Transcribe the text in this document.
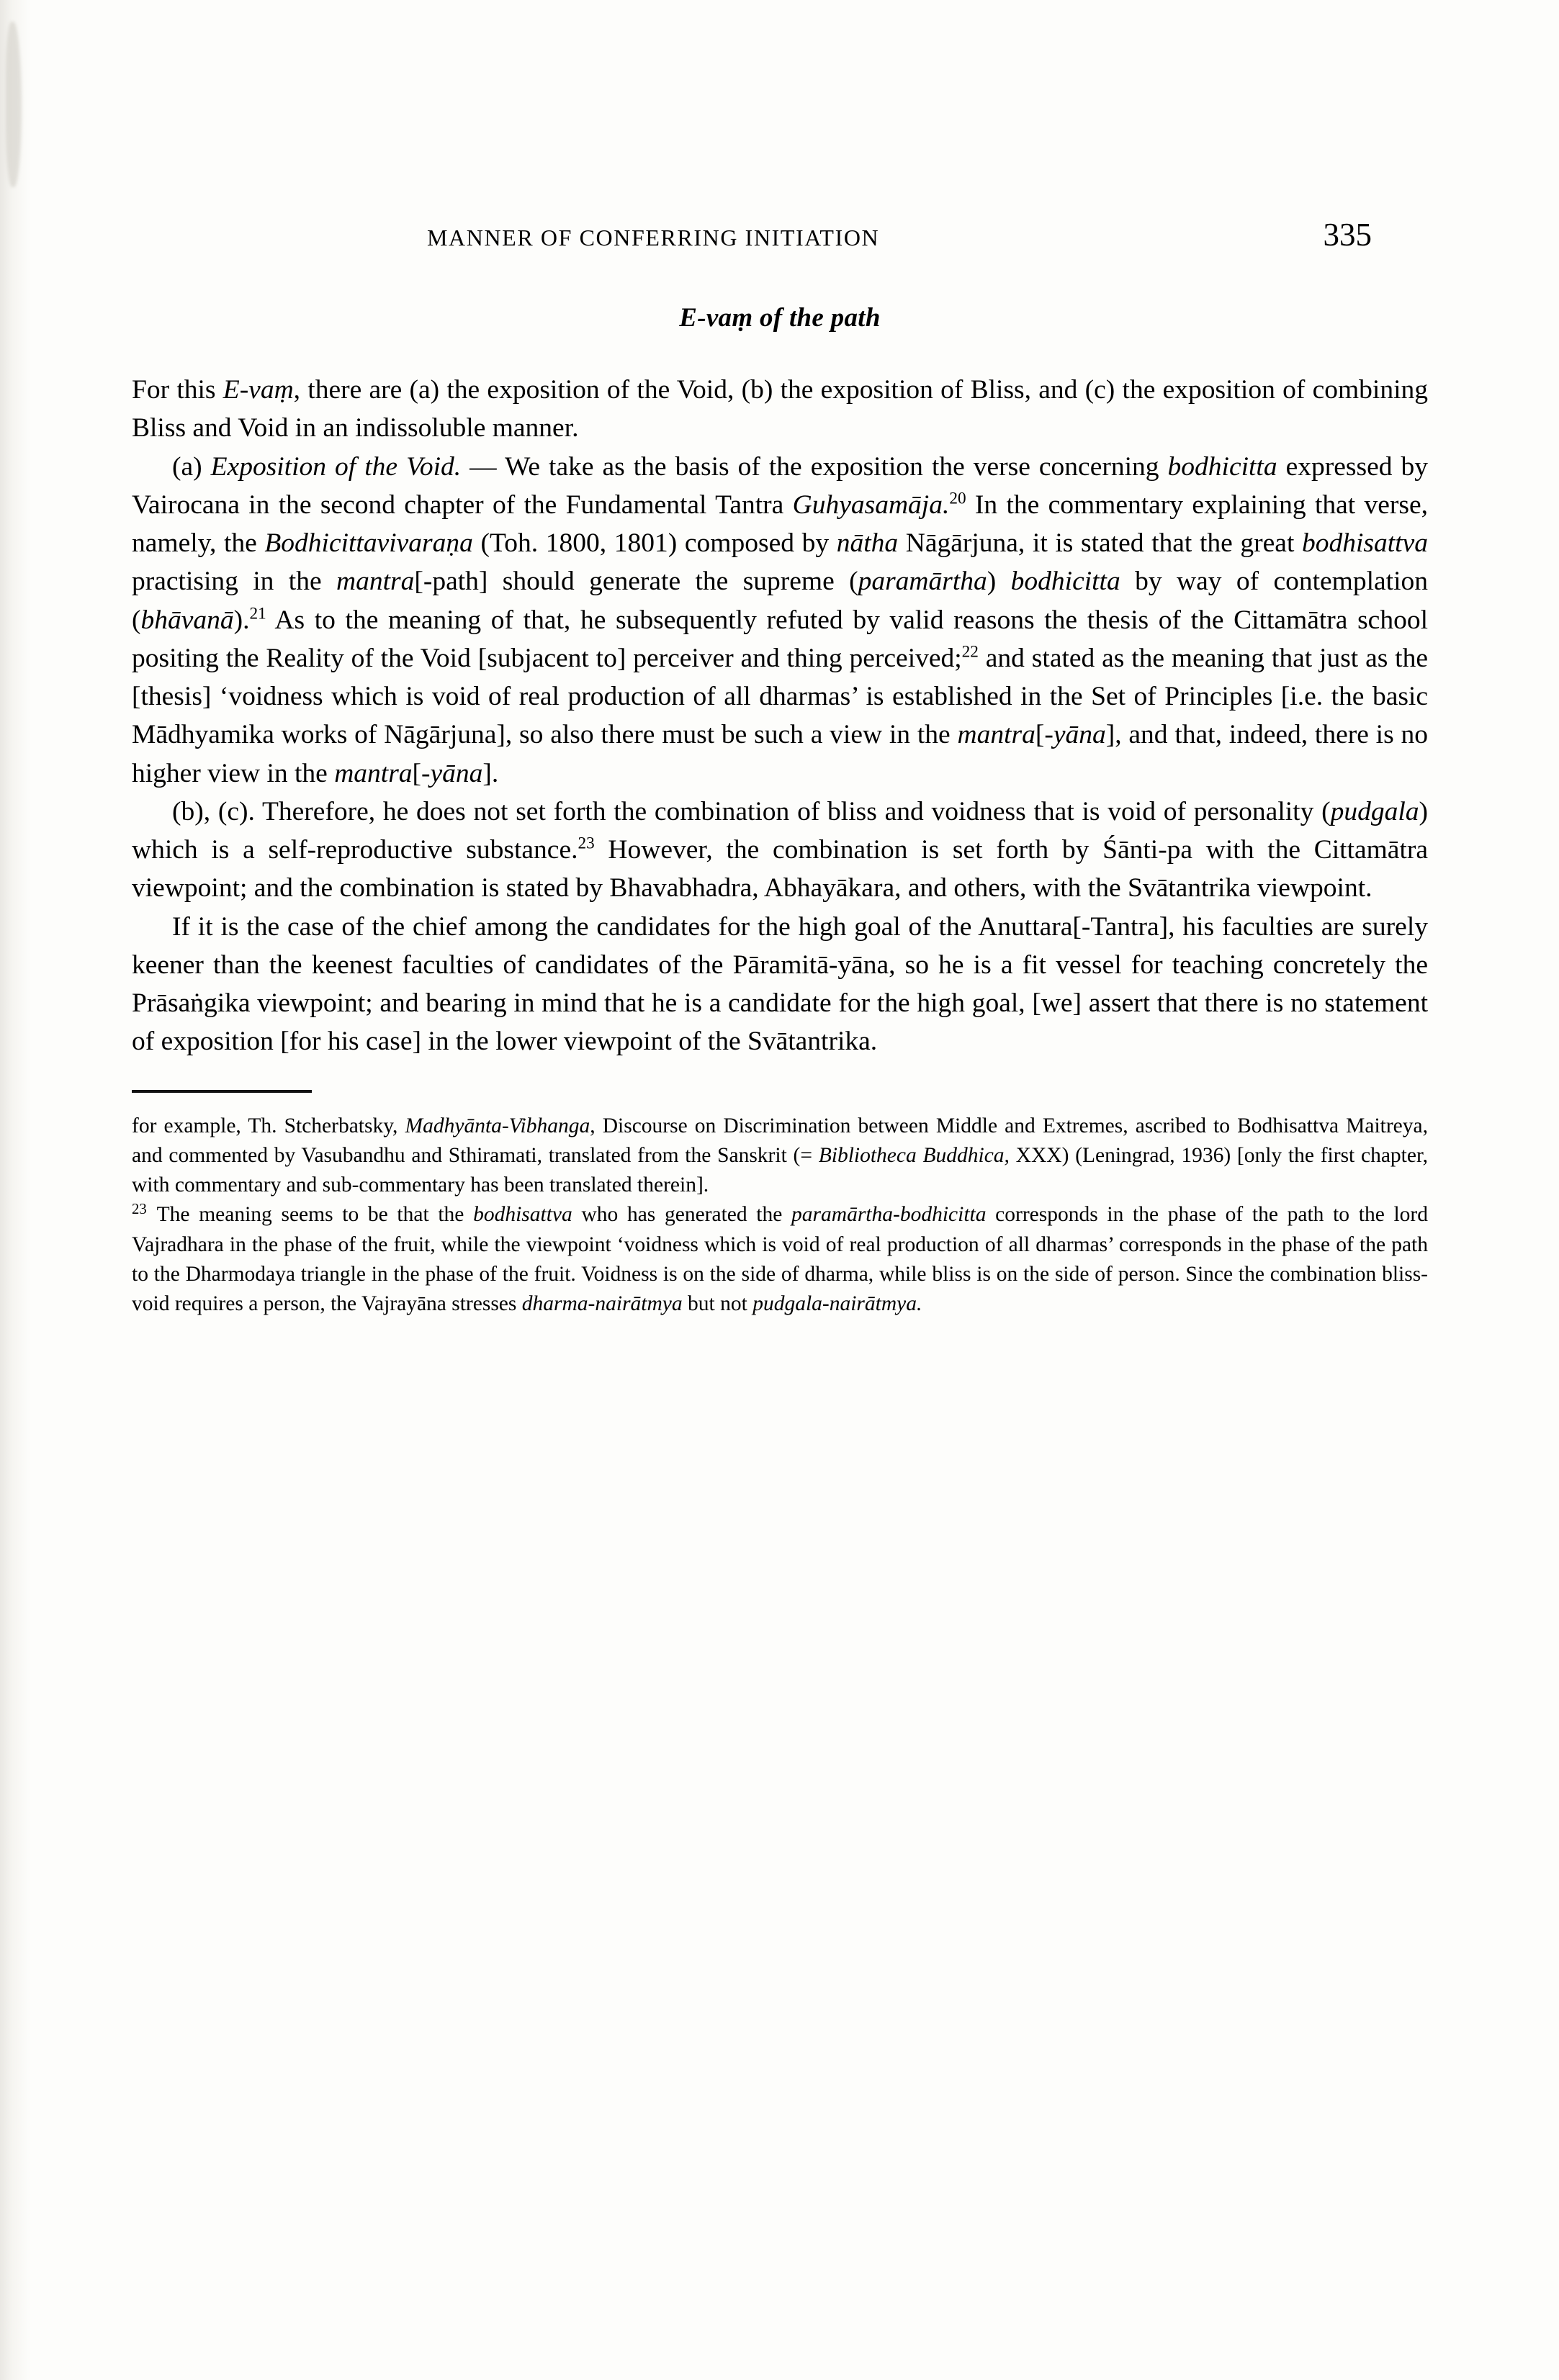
MANNER OF CONFERRING INITIATION	335
E-vaṃ of the path

For this E-vaṃ, there are (a) the exposition of the Void, (b) the exposition of Bliss, and (c) the exposition of combining Bliss and Void in an indissoluble manner.

(a) Exposition of the Void. — We take as the basis of the exposition the verse concerning bodhicitta expressed by Vairocana in the second chapter of the Fundamental Tantra Guhyasamāja.$^{20}$ In the commentary explaining that verse, namely, the Bodhicittavivaraṇa (Toh. 1800, 1801) composed by nātha Nāgārjuna, it is stated that the great bodhisattva practising in the mantra[-path] should generate the supreme (paramārtha) bodhicitta by way of contemplation (bhāvanā).$^{21}$ As to the meaning of that, he subsequently refuted by valid reasons the thesis of the Cittamātra school positing the Reality of the Void [subjacent to] perceiver and thing perceived;$^{22}$ and stated as the meaning that just as the [thesis] ‘voidness which is void of real production of all dharmas’ is established in the Set of Principles [i.e. the basic Mādhyamika works of Nāgārjuna], so also there must be such a view in the mantra[-yāna], and that, indeed, there is no higher view in the mantra[-yāna].

(b), (c). Therefore, he does not set forth the combination of bliss and voidness that is void of personality (pudgala) which is a self-reproductive substance.$^{23}$ However, the combination is set forth by Śānti-pa with the Cittamātra viewpoint; and the combination is stated by Bhavabhadra, Abhayākara, and others, with the Svātantrika viewpoint.

If it is the case of the chief among the candidates for the high goal of the Anuttara[-Tantra], his faculties are surely keener than the keenest faculties of candidates of the Pāramitā-yāna, so he is a fit vessel for teaching concretely the Prāsaṅgika viewpoint; and bearing in mind that he is a candidate for the high goal, [we] assert that there is no statement of exposition [for his case] in the lower viewpoint of the Svātantrika.

for example, Th. Stcherbatsky, Madhyānta-Vibhanga, Discourse on Discrimination between Middle and Extremes, ascribed to Bodhisattva Maitreya, and commented by Vasubandhu and Sthiramati, translated from the Sanskrit (= Bibliotheca Buddhica, XXX) (Leningrad, 1936) [only the first chapter, with commentary and sub-commentary has been translated therein].

$^{23}$ The meaning seems to be that the bodhisattva who has generated the paramārtha-bodhicitta corresponds in the phase of the path to the lord Vajradhara in the phase of the fruit, while the viewpoint ‘voidness which is void of real production of all dharmas’ corresponds in the phase of the path to the Dharmodaya triangle in the phase of the fruit. Voidness is on the side of dharma, while bliss is on the side of person. Since the combination bliss-void requires a person, the Vajrayāna stresses dharma-nairātmya but not pudgala-nairātmya.
